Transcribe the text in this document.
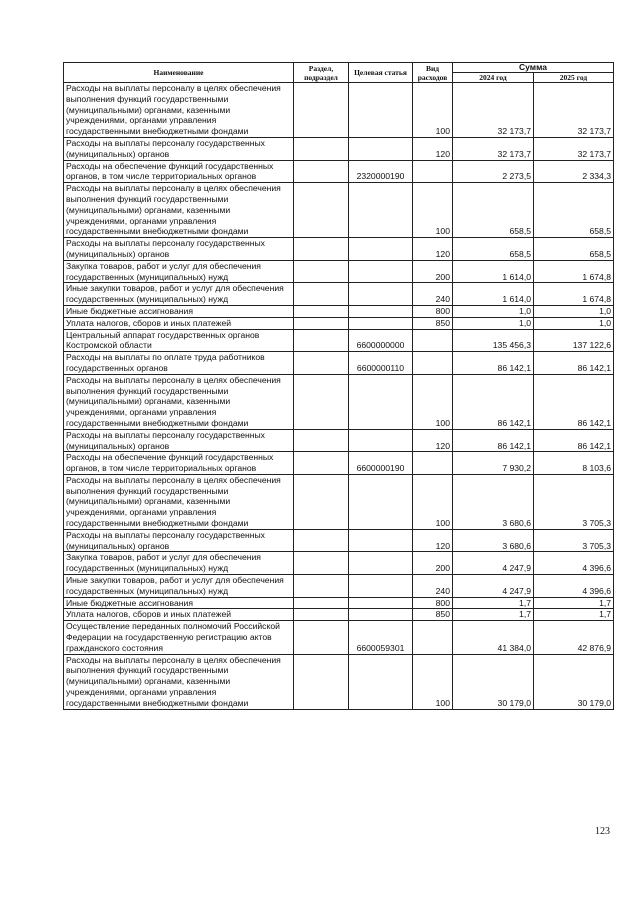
Наименование	Раздел, подраздел	Целевая статья	Вид расходов	Сумма	
				2024 год	2025 год
Расходы на выплаты персоналу в целях обеспечения выполнения функций государственными (муниципальными) органами, казенными учреждениями, органами управления государственными внебюджетными фондами			100	32 173,7	32 173,7
Расходы на выплаты персоналу государственных (муниципальных) органов			120	32 173,7	32 173,7
Расходы на обеспечение функций государственных органов, в том числе территориальных органов		2320000190		2 273,5	2 334,3
Расходы на выплаты персоналу в целях обеспечения выполнения функций государственными (муниципальными) органами, казенными учреждениями, органами управления государственными внебюджетными фондами			100	658,5	658,5
Расходы на выплаты персоналу государственных (муниципальных) органов			120	658,5	658,5
Закупка товаров, работ и услуг для обеспечения государственных (муниципальных) нужд			200	1 614,0	1 674,8
Иные закупки товаров, работ и услуг для обеспечения государственных (муниципальных) нужд			240	1 614,0	1 674,8
Иные бюджетные ассигнования			800	1,0	1,0
Уплата налогов, сборов и иных платежей			850	1,0	1,0
Центральный аппарат государственных органов Костромской области		6600000000		135 456,3	137 122,6
Расходы на выплаты по оплате труда работников государственных органов		6600000110		86 142,1	86 142,1
Расходы на выплаты персоналу в целях обеспечения выполнения функций государственными (муниципальными) органами, казенными учреждениями, органами управления государственными внебюджетными фондами			100	86 142,1	86 142,1
Расходы на выплаты персоналу государственных (муниципальных) органов			120	86 142,1	86 142,1
Расходы на обеспечение функций государственных органов, в том числе территориальных органов		6600000190		7 930,2	8 103,6
Расходы на выплаты персоналу в целях обеспечения выполнения функций государственными (муниципальными) органами, казенными учреждениями, органами управления государственными внебюджетными фондами			100	3 680,6	3 705,3
Расходы на выплаты персоналу государственных (муниципальных) органов			120	3 680,6	3 705,3
Закупка товаров, работ и услуг для обеспечения государственных (муниципальных) нужд			200	4 247,9	4 396,6
Иные закупки товаров, работ и услуг для обеспечения государственных (муниципальных) нужд			240	4 247,9	4 396,6
Иные бюджетные ассигнования			800	1,7	1,7
Уплата налогов, сборов и иных платежей			850	1,7	1,7
Осуществление переданных полномочий Российской Федерации на государственную регистрацию актов гражданского состояния		6600059301		41 384,0	42 876,9
Расходы на выплаты персоналу в целях обеспечения выполнения функций государственными (муниципальными) органами, казенными учреждениями, органами управления государственными внебюджетными фондами			100	30 179,0	30 179,0
123
